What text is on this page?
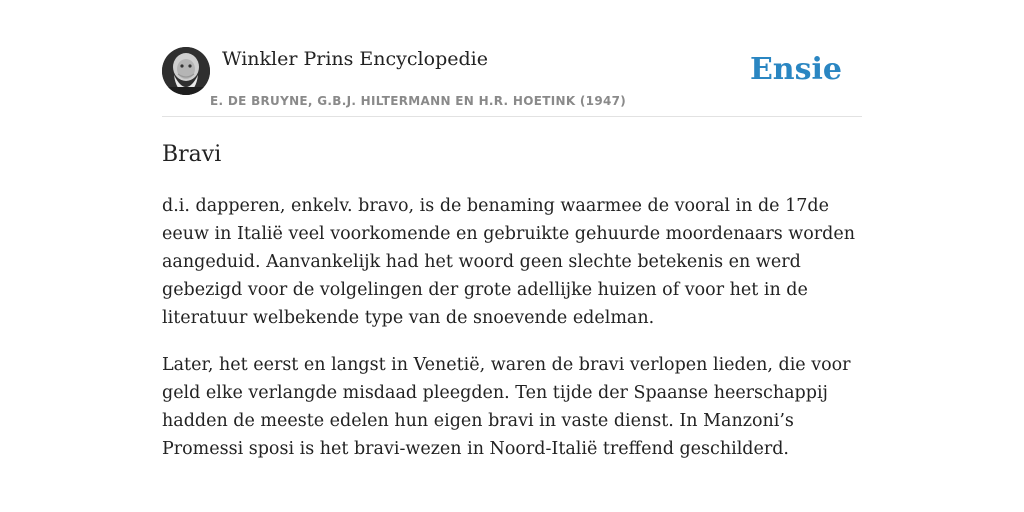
Winkler Prins Encyclopedie
E. DE BRUYNE, G.B.J. HILTERMANN EN H.R. HOETINK (1947)
Ensie
Bravi

d.i. dapperen, enkelv. bravo, is de benaming waarmee de vooral in de 17de eeuw in Italië veel voorkomende en gebruikte gehuurde moordenaars worden aangeduid. Aanvankelijk had het woord geen slechte betekenis en werd gebezigd voor de volgelingen der grote adellijke huizen of voor het in de literatuur welbekende type van de snoevende edelman.

Later, het eerst en langst in Venetië, waren de bravi verlopen lieden, die voor geld elke verlangde misdaad pleegden. Ten tijde der Spaanse heerschappij hadden de meeste edelen hun eigen bravi in vaste dienst. In Manzoni’s Promessi sposi is het bravi-wezen in Noord-Italië treffend geschilderd.
